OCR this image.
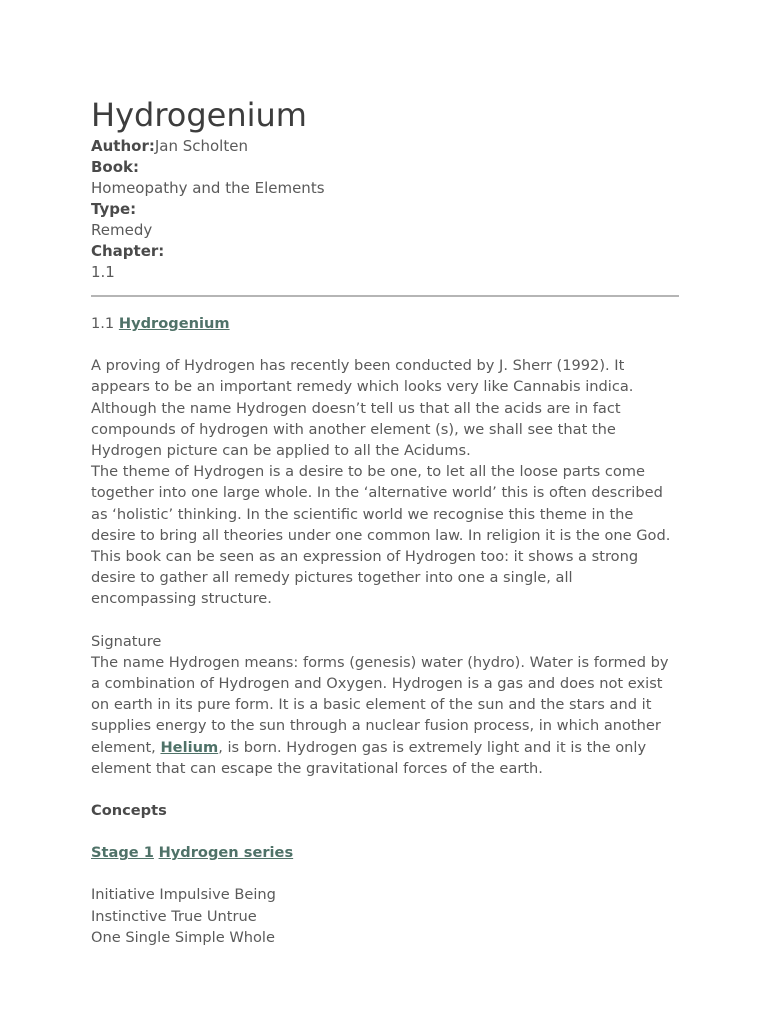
Hydrogenium
Author:Jan Scholten
Book:
Homeopathy and the Elements
Type:
Remedy
Chapter:
1.1

1.1 Hydrogenium

A proving of Hydrogen has recently been conducted by J. Sherr (1992). It appears to be an important remedy which looks very like Cannabis indica. Although the name Hydrogen doesn’t tell us that all the acids are in fact compounds of hydrogen with another element (s), we shall see that the Hydrogen picture can be applied to all the Acidums.

The theme of Hydrogen is a desire to be one, to let all the loose parts come together into one large whole. In the ‘alternative world’ this is often described as ‘holistic’ thinking. In the scientific world we recognise this theme in the desire to bring all theories under one common law. In religion it is the one God.

This book can be seen as an expression of Hydrogen too: it shows a strong desire to gather all remedy pictures together into one a single, all encompassing structure.

Signature

The name Hydrogen means: forms (genesis) water (hydro). Water is formed by a combination of Hydrogen and Oxygen. Hydrogen is a gas and does not exist on earth in its pure form. It is a basic element of the sun and the stars and it supplies energy to the sun through a nuclear fusion process, in which another element, Helium, is born. Hydrogen gas is extremely light and it is the only element that can escape the gravitational forces of the earth.

Concepts

Stage 1 Hydrogen series

Initiative Impulsive Being

Instinctive True Untrue

One Single Simple Whole
